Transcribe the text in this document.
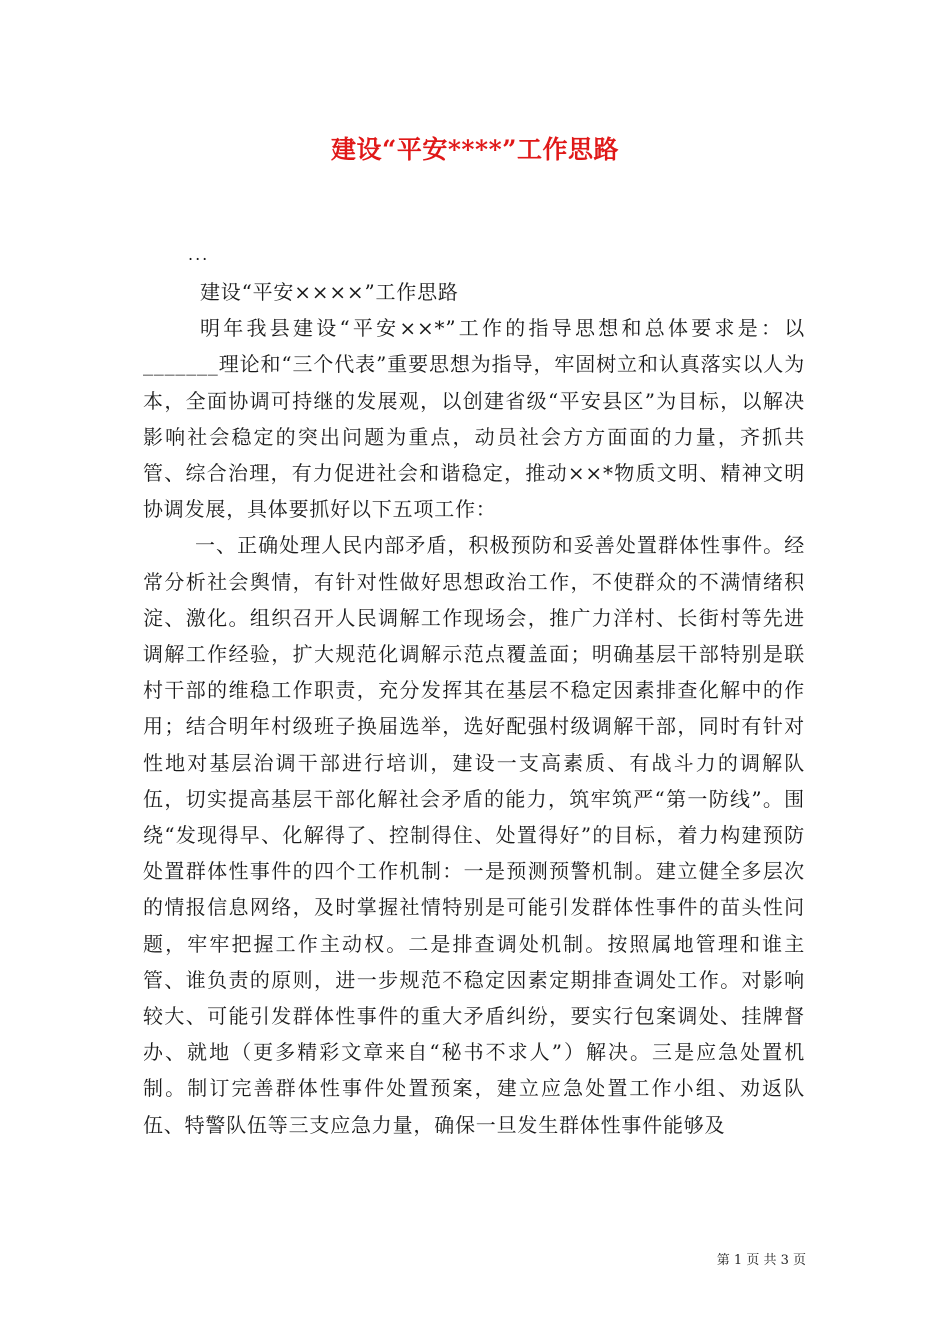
建设“平安****”工作思路
...

建设“平安××××”工作思路

明年我县建设“平安××*”工作的指导思想和总体要求是：以_______理论和“三个代表”重要思想为指导，牢固树立和认真落实以人为本，全面协调可持继的发展观，以创建省级“平安县区”为目标，以解决影响社会稳定的突出问题为重点，动员社会方方面面的力量，齐抓共管、综合治理，有力促进社会和谐稳定，推动××*物质文明、精神文明协调发展，具体要抓好以下五项工作：

一、正确处理人民内部矛盾，积极预防和妥善处置群体性事件。经常分析社会舆情，有针对性做好思想政治工作，不使群众的不满情绪积淀、激化。组织召开人民调解工作现场会，推广力洋村、长街村等先进调解工作经验，扩大规范化调解示范点覆盖面；明确基层干部特别是联村干部的维稳工作职责，充分发挥其在基层不稳定因素排查化解中的作用；结合明年村级班子换届选举，选好配强村级调解干部，同时有针对性地对基层治调干部进行培训，建设一支高素质、有战斗力的调解队伍，切实提高基层干部化解社会矛盾的能力，筑牢筑严“第一防线”。围绕“发现得早、化解得了、控制得住、处置得好”的目标，着力构建预防处置群体性事件的四个工作机制：一是预测预警机制。建立健全多层次的情报信息网络，及时掌握社情特别是可能引发群体性事件的苗头性问题，牢牢把握工作主动权。二是排查调处机制。按照属地管理和谁主管、谁负责的原则，进一步规范不稳定因素定期排查调处工作。对影响较大、可能引发群体性事件的重大矛盾纠纷，要实行包案调处、挂牌督办、就地（更多精彩文章来自“秘书不求人”）解决。三是应急处置机制。制订完善群体性事件处置预案，建立应急处置工作小组、劝返队伍、特警队伍等三支应急力量，确保一旦发生群体性事件能够及

第 1 页 共 3 页
